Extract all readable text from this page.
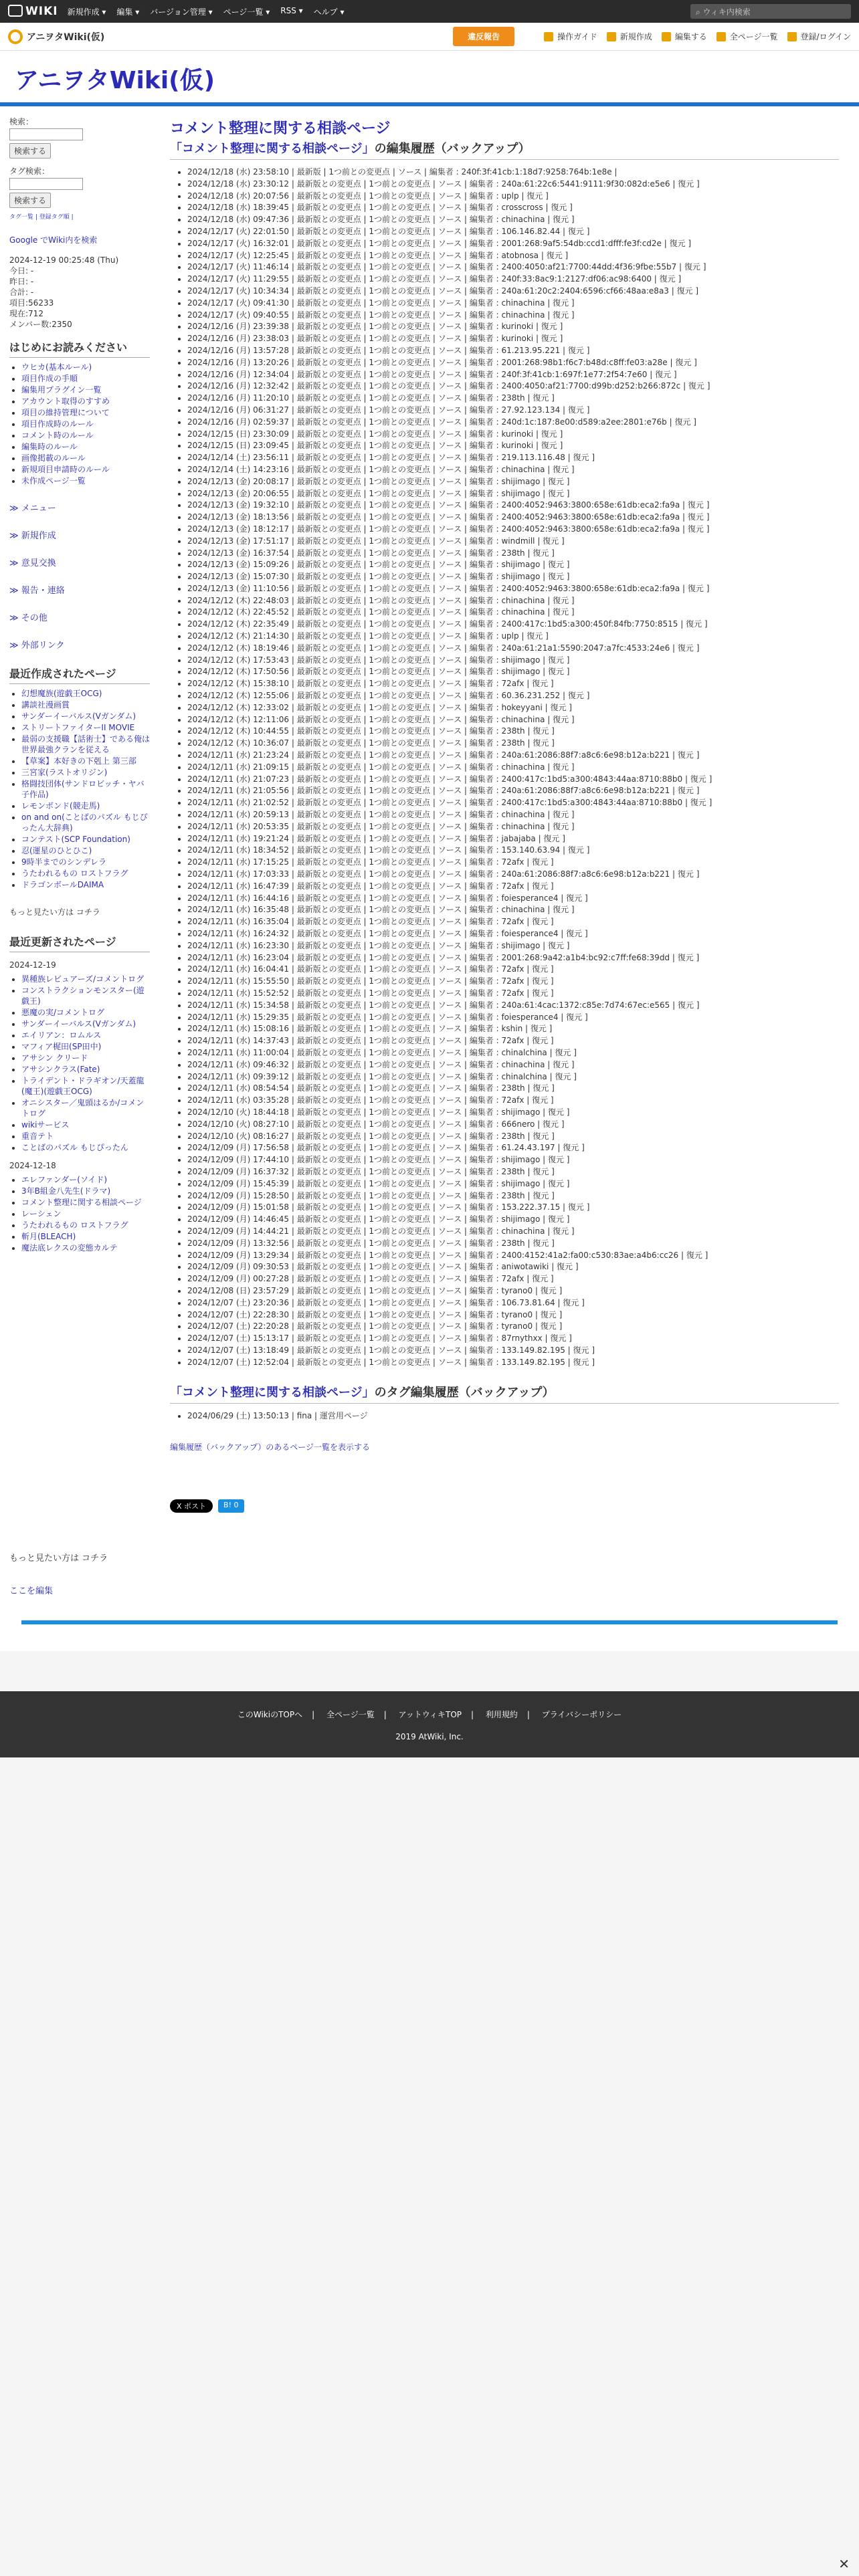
WIKI 新規作成 ▾ 編集 ▾ バージョン管理 ▾ ページ一覧 ▾ RSS ▾ ヘルプ ▾	⌕ ウィキ内検索
アニヲタWiki(仮)	違反報告	操作ガイド	新規作成	編集する	全ページ一覧	登録/ログイン
アニヲタWiki(仮)
検索：

検索する
タグ検索：

検索する
タグ一覧 | 登録タグ順 |

Google でWiki内を検索

2024-12-19 00:25:48 (Thu)
今日: -
昨日: -
合計: -
項目:56233
現在:712
メンバー数:2350
はじめにお読みください
• ウヒカ(基本ルール)
• 項目作成の手順
• 編集用プラグイン一覧
• アカウント取得のすすめ
• 項目の維持管理について
• 項目作成時のルール
• コメント時のルール
• 編集時のルール
• 画像掲載のルール
• 新規項目申請時のルール
• 未作成ページ一覧
≫ メニュー
≫ 新規作成
≫ 意見交換
≫ 報告・連絡
≫ その他
≫ 外部リンク
最近作成されたページ
• 幻想魔族(遊戯王OCG)
• 講談社漫画賞
• サンダーイーバルス(Vガンダム)
• ストリートファイターII MOVIE
• 最弱の支援職【話術士】である俺は世界最強クランを従える
• 【草案】本好きの下剋上 第三部
• 三宮家(ラストオリジン)
• 格闘技団体(サンドロビッチ・ヤバ子作品)
• レモンボンド(競走馬)
• on and on(ことばのパズル もじぴったん大辞典)
• コンテスト(SCP Foundation)
• 忍(運星のひとひこ)
• 9時半までのシンデレラ
• うたわれるもの ロストフラグ
• ドラゴンボールDAIMA

もっと見たい方は コチラ

最近更新されたページ
2024-12-19
• 異種族レビュアーズ/コメントログ
• コンストラクションモンスター(遊戯王)
• 悪魔の実/コメントログ
• サンダーイーバルス(Vガンダム)
• エイリアン：ロムルス
• マフィア梶田(SP田中)
• アサシン クリード
• アサシンクラス(Fate)
• トライデント・ドラギオン/天蓋龍(魔王)(遊戯王OCG)
• オニシスター／鬼頭はるか/コメントログ
• wikiサービス
• 重音テト
• ことばのパズル もじぴったん
2024-12-18
• エレファンダー(ソイド)
• 3年B組金八先生(ドラマ)
• コメント整理に関する相談ページ
• レーシェン
• うたわれるもの ロストフラグ
• 斬月(BLEACH)
• 魔法底レクスの変態カルテ
コメント整理に関する相談ページ
「コメント整理に関する相談ページ」の編集履歴（バックアップ）
• 2024/12/18 (水) 23:58:10 | 最新版 | 1つ前との変更点 | ソース | 編集者 : 240f:3f:41cb:1:18d7:9258:764b:1e8e |
• 2024/12/18 (水) 23:30:12 | 最新版との変更点 | 1つ前との変更点 | ソース | 編集者 : 240a:61:22c6:5441:9111:9f30:082d:e5e6 | 復元 ]
• 2024/12/18 (水) 20:07:56 | 最新版との変更点 | 1つ前との変更点 | ソース | 編集者 : uplp | 復元 ]
• 2024/12/18 (水) 18:39:45 | 最新版との変更点 | 1つ前との変更点 | ソース | 編集者 : crosscross | 復元 ]
• 2024/12/18 (水) 09:47:36 | 最新版との変更点 | 1つ前との変更点 | ソース | 編集者 : chinachina | 復元 ]
• 2024/12/17 (火) 22:01:50 | 最新版との変更点 | 1つ前との変更点 | ソース | 編集者 : 106.146.82.44 | 復元 ]
• 2024/12/17 (火) 16:32:01 | 最新版との変更点 | 1つ前との変更点 | ソース | 編集者 : 2001:268:9af5:54db:ccd1:dfff:fe3f:cd2e | 復元 ]
• 2024/12/17 (火) 12:25:45 | 最新版との変更点 | 1つ前との変更点 | ソース | 編集者 : atobnosa | 復元 ]
• 2024/12/17 (火) 11:46:14 | 最新版との変更点 | 1つ前との変更点 | ソース | 編集者 : 2400:4050:af21:7700:44dd:4f36:9fbe:55b7 | 復元 ]
• 2024/12/17 (火) 11:29:55 | 最新版との変更点 | 1つ前との変更点 | ソース | 編集者 : 240f:33:8ac9:1:2127:df06:ac98:6400 | 復元 ]
• 2024/12/17 (火) 10:34:34 | 最新版との変更点 | 1つ前との変更点 | ソース | 編集者 : 240a:61:20c2:2404:6596:cf66:48aa:e8a3 | 復元 ]
• 2024/12/17 (火) 09:41:30 | 最新版との変更点 | 1つ前との変更点 | ソース | 編集者 : chinachina | 復元 ]
• 2024/12/17 (火) 09:40:55 | 最新版との変更点 | 1つ前との変更点 | ソース | 編集者 : chinachina | 復元 ]
• 2024/12/16 (月) 23:39:38 | 最新版との変更点 | 1つ前との変更点 | ソース | 編集者 : kurinoki | 復元 ]
• 2024/12/16 (月) 23:38:03 | 最新版との変更点 | 1つ前との変更点 | ソース | 編集者 : kurinoki | 復元 ]
• 2024/12/16 (月) 13:57:28 | 最新版との変更点 | 1つ前との変更点 | ソース | 編集者 : 61.213.95.221 | 復元 ]
• 2024/12/16 (月) 13:20:26 | 最新版との変更点 | 1つ前との変更点 | ソース | 編集者 : 2001:268:98b1:f6c7:b48d:c8ff:fe03:a28e | 復元 ]
• 2024/12/16 (月) 12:34:04 | 最新版との変更点 | 1つ前との変更点 | ソース | 編集者 : 240f:3f:41cb:1:697f:1e77:2f54:7e60 | 復元 ]
• 2024/12/16 (月) 12:32:42 | 最新版との変更点 | 1つ前との変更点 | ソース | 編集者 : 2400:4050:af21:7700:d99b:d252:b266:872c | 復元 ]
• 2024/12/16 (月) 11:20:10 | 最新版との変更点 | 1つ前との変更点 | ソース | 編集者 : 238th | 復元 ]
• 2024/12/16 (月) 06:31:27 | 最新版との変更点 | 1つ前との変更点 | ソース | 編集者 : 27.92.123.134 | 復元 ]
• 2024/12/16 (月) 02:59:37 | 最新版との変更点 | 1つ前との変更点 | ソース | 編集者 : 240d:1c:187:8e00:d589:a2ee:2801:e76b | 復元 ]
• 2024/12/15 (日) 23:30:09 | 最新版との変更点 | 1つ前との変更点 | ソース | 編集者 : kurinoki | 復元 ]
• 2024/12/15 (日) 23:09:45 | 最新版との変更点 | 1つ前との変更点 | ソース | 編集者 : kurinoki | 復元 ]
• 2024/12/14 (土) 23:56:11 | 最新版との変更点 | 1つ前との変更点 | ソース | 編集者 : 219.113.116.48 | 復元 ]
• 2024/12/14 (土) 14:23:16 | 最新版との変更点 | 1つ前との変更点 | ソース | 編集者 : chinachina | 復元 ]
• 2024/12/13 (金) 20:08:17 | 最新版との変更点 | 1つ前との変更点 | ソース | 編集者 : shijimago | 復元 ]
• 2024/12/13 (金) 20:06:55 | 最新版との変更点 | 1つ前との変更点 | ソース | 編集者 : shijimago | 復元 ]
• 2024/12/13 (金) 19:32:10 | 最新版との変更点 | 1つ前との変更点 | ソース | 編集者 : 2400:4052:9463:3800:658e:61db:eca2:fa9a | 復元 ]
• 2024/12/13 (金) 18:13:56 | 最新版との変更点 | 1つ前との変更点 | ソース | 編集者 : 2400:4052:9463:3800:658e:61db:eca2:fa9a | 復元 ]
• 2024/12/13 (金) 18:12:17 | 最新版との変更点 | 1つ前との変更点 | ソース | 編集者 : 2400:4052:9463:3800:658e:61db:eca2:fa9a | 復元 ]
• 2024/12/13 (金) 17:51:17 | 最新版との変更点 | 1つ前との変更点 | ソース | 編集者 : windmill | 復元 ]
• 2024/12/13 (金) 16:37:54 | 最新版との変更点 | 1つ前との変更点 | ソース | 編集者 : 238th | 復元 ]
• 2024/12/13 (金) 15:09:26 | 最新版との変更点 | 1つ前との変更点 | ソース | 編集者 : shijimago | 復元 ]
• 2024/12/13 (金) 15:07:30 | 最新版との変更点 | 1つ前との変更点 | ソース | 編集者 : shijimago | 復元 ]
• 2024/12/13 (金) 11:10:56 | 最新版との変更点 | 1つ前との変更点 | ソース | 編集者 : 2400:4052:9463:3800:658e:61db:eca2:fa9a | 復元 ]
• 2024/12/12 (木) 22:48:03 | 最新版との変更点 | 1つ前との変更点 | ソース | 編集者 : chinachina | 復元 ]
• 2024/12/12 (木) 22:45:52 | 最新版との変更点 | 1つ前との変更点 | ソース | 編集者 : chinachina | 復元 ]
• 2024/12/12 (木) 22:35:49 | 最新版との変更点 | 1つ前との変更点 | ソース | 編集者 : 2400:417c:1bd5:a300:450f:84fb:7750:8515 | 復元 ]
• 2024/12/12 (木) 21:14:30 | 最新版との変更点 | 1つ前との変更点 | ソース | 編集者 : uplp | 復元 ]
• 2024/12/12 (木) 18:19:46 | 最新版との変更点 | 1つ前との変更点 | ソース | 編集者 : 240a:61:21a1:5590:2047:a7fc:4533:24e6 | 復元 ]
• 2024/12/12 (木) 17:53:43 | 最新版との変更点 | 1つ前との変更点 | ソース | 編集者 : shijimago | 復元 ]
• 2024/12/12 (木) 17:50:56 | 最新版との変更点 | 1つ前との変更点 | ソース | 編集者 : shijimago | 復元 ]
• 2024/12/12 (木) 15:38:10 | 最新版との変更点 | 1つ前との変更点 | ソース | 編集者 : 72afx | 復元 ]
• 2024/12/12 (木) 12:55:06 | 最新版との変更点 | 1つ前との変更点 | ソース | 編集者 : 60.36.231.252 | 復元 ]
• 2024/12/12 (木) 12:33:02 | 最新版との変更点 | 1つ前との変更点 | ソース | 編集者 : hokeyyani | 復元 ]
• 2024/12/12 (木) 12:11:06 | 最新版との変更点 | 1つ前との変更点 | ソース | 編集者 : chinachina | 復元 ]
• 2024/12/12 (木) 10:44:55 | 最新版との変更点 | 1つ前との変更点 | ソース | 編集者 : 238th | 復元 ]
• 2024/12/12 (木) 10:36:07 | 最新版との変更点 | 1つ前との変更点 | ソース | 編集者 : 238th | 復元 ]
• 2024/12/11 (水) 21:23:24 | 最新版との変更点 | 1つ前との変更点 | ソース | 編集者 : 240a:61:2086:88f7:a8c6:6e98:b12a:b221 | 復元 ]
• 2024/12/11 (水) 21:09:15 | 最新版との変更点 | 1つ前との変更点 | ソース | 編集者 : chinachina | 復元 ]
• 2024/12/11 (水) 21:07:23 | 最新版との変更点 | 1つ前との変更点 | ソース | 編集者 : 2400:417c:1bd5:a300:4843:44aa:8710:88b0 | 復元 ]
• 2024/12/11 (水) 21:05:56 | 最新版との変更点 | 1つ前との変更点 | ソース | 編集者 : 240a:61:2086:88f7:a8c6:6e98:b12a:b221 | 復元 ]
• 2024/12/11 (水) 21:02:52 | 最新版との変更点 | 1つ前との変更点 | ソース | 編集者 : 2400:417c:1bd5:a300:4843:44aa:8710:88b0 | 復元 ]
• 2024/12/11 (水) 20:59:13 | 最新版との変更点 | 1つ前との変更点 | ソース | 編集者 : chinachina | 復元 ]
• 2024/12/11 (水) 20:53:35 | 最新版との変更点 | 1つ前との変更点 | ソース | 編集者 : chinachina | 復元 ]
• 2024/12/11 (水) 19:21:24 | 最新版との変更点 | 1つ前との変更点 | ソース | 編集者 : jabajaba | 復元 ]
• 2024/12/11 (水) 18:34:52 | 最新版との変更点 | 1つ前との変更点 | ソース | 編集者 : 153.140.63.94 | 復元 ]
• 2024/12/11 (水) 17:15:25 | 最新版との変更点 | 1つ前との変更点 | ソース | 編集者 : 72afx | 復元 ]
• 2024/12/11 (水) 17:03:33 | 最新版との変更点 | 1つ前との変更点 | ソース | 編集者 : 240a:61:2086:88f7:a8c6:6e98:b12a:b221 | 復元 ]
• 2024/12/11 (水) 16:47:39 | 最新版との変更点 | 1つ前との変更点 | ソース | 編集者 : 72afx | 復元 ]
• 2024/12/11 (水) 16:44:16 | 最新版との変更点 | 1つ前との変更点 | ソース | 編集者 : foiesperance4 | 復元 ]
• 2024/12/11 (水) 16:35:48 | 最新版との変更点 | 1つ前との変更点 | ソース | 編集者 : chinachina | 復元 ]
• 2024/12/11 (水) 16:35:04 | 最新版との変更点 | 1つ前との変更点 | ソース | 編集者 : 72afx | 復元 ]
• 2024/12/11 (水) 16:24:32 | 最新版との変更点 | 1つ前との変更点 | ソース | 編集者 : foiesperance4 | 復元 ]
• 2024/12/11 (水) 16:23:30 | 最新版との変更点 | 1つ前との変更点 | ソース | 編集者 : shijimago | 復元 ]
• 2024/12/11 (水) 16:23:04 | 最新版との変更点 | 1つ前との変更点 | ソース | 編集者 : 2001:268:9a42:a1b4:bc92:c7ff:fe68:39dd | 復元 ]
• 2024/12/11 (水) 16:04:41 | 最新版との変更点 | 1つ前との変更点 | ソース | 編集者 : 72afx | 復元 ]
• 2024/12/11 (水) 15:55:50 | 最新版との変更点 | 1つ前との変更点 | ソース | 編集者 : 72afx | 復元 ]
• 2024/12/11 (水) 15:52:52 | 最新版との変更点 | 1つ前との変更点 | ソース | 編集者 : 72afx | 復元 ]
• 2024/12/11 (水) 15:34:58 | 最新版との変更点 | 1つ前との変更点 | ソース | 編集者 : 240a:61:4cac:1372:c85e:7d74:67ec:e565 | 復元 ]
• 2024/12/11 (水) 15:29:35 | 最新版との変更点 | 1つ前との変更点 | ソース | 編集者 : foiesperance4 | 復元 ]
• 2024/12/11 (水) 15:08:16 | 最新版との変更点 | 1つ前との変更点 | ソース | 編集者 : kshin | 復元 ]
• 2024/12/11 (水) 14:37:43 | 最新版との変更点 | 1つ前との変更点 | ソース | 編集者 : 72afx | 復元 ]
• 2024/12/11 (水) 11:00:04 | 最新版との変更点 | 1つ前との変更点 | ソース | 編集者 : chinalchina | 復元 ]
• 2024/12/11 (水) 09:46:32 | 最新版との変更点 | 1つ前との変更点 | ソース | 編集者 : chinachina | 復元 ]
• 2024/12/11 (水) 09:39:12 | 最新版との変更点 | 1つ前との変更点 | ソース | 編集者 : chinalchina | 復元 ]
• 2024/12/11 (水) 08:54:54 | 最新版との変更点 | 1つ前との変更点 | ソース | 編集者 : 238th | 復元 ]
• 2024/12/11 (水) 03:35:28 | 最新版との変更点 | 1つ前との変更点 | ソース | 編集者 : 72afx | 復元 ]
• 2024/12/10 (火) 18:44:18 | 最新版との変更点 | 1つ前との変更点 | ソース | 編集者 : shijimago | 復元 ]
• 2024/12/10 (火) 08:27:10 | 最新版との変更点 | 1つ前との変更点 | ソース | 編集者 : 666nero | 復元 ]
• 2024/12/10 (火) 08:16:27 | 最新版との変更点 | 1つ前との変更点 | ソース | 編集者 : 238th | 復元 ]
• 2024/12/09 (月) 17:56:58 | 最新版との変更点 | 1つ前との変更点 | ソース | 編集者 : 61.24.43.197 | 復元 ]
• 2024/12/09 (月) 17:44:10 | 最新版との変更点 | 1つ前との変更点 | ソース | 編集者 : shijimago | 復元 ]
• 2024/12/09 (月) 16:37:32 | 最新版との変更点 | 1つ前との変更点 | ソース | 編集者 : 238th | 復元 ]
• 2024/12/09 (月) 15:45:39 | 最新版との変更点 | 1つ前との変更点 | ソース | 編集者 : shijimago | 復元 ]
• 2024/12/09 (月) 15:28:50 | 最新版との変更点 | 1つ前との変更点 | ソース | 編集者 : 238th | 復元 ]
• 2024/12/09 (月) 15:01:58 | 最新版との変更点 | 1つ前との変更点 | ソース | 編集者 : 153.222.37.15 | 復元 ]
• 2024/12/09 (月) 14:46:45 | 最新版との変更点 | 1つ前との変更点 | ソース | 編集者 : shijimago | 復元 ]
• 2024/12/09 (月) 14:44:21 | 最新版との変更点 | 1つ前との変更点 | ソース | 編集者 : chinachina | 復元 ]
• 2024/12/09 (月) 13:32:56 | 最新版との変更点 | 1つ前との変更点 | ソース | 編集者 : 238th | 復元 ]
• 2024/12/09 (月) 13:29:34 | 最新版との変更点 | 1つ前との変更点 | ソース | 編集者 : 2400:4152:41a2:fa00:c530:83ae:a4b6:cc26 | 復元 ]
• 2024/12/09 (月) 09:30:53 | 最新版との変更点 | 1つ前との変更点 | ソース | 編集者 : aniwotawiki | 復元 ]
• 2024/12/09 (月) 00:27:28 | 最新版との変更点 | 1つ前との変更点 | ソース | 編集者 : 72afx | 復元 ]
• 2024/12/08 (日) 23:57:29 | 最新版との変更点 | 1つ前との変更点 | ソース | 編集者 : tyrano0 | 復元 ]
• 2024/12/07 (土) 23:20:36 | 最新版との変更点 | 1つ前との変更点 | ソース | 編集者 : 106.73.81.64 | 復元 ]
• 2024/12/07 (土) 22:28:30 | 最新版との変更点 | 1つ前との変更点 | ソース | 編集者 : tyrano0 | 復元 ]
• 2024/12/07 (土) 22:20:28 | 最新版との変更点 | 1つ前との変更点 | ソース | 編集者 : tyrano0 | 復元 ]
• 2024/12/07 (土) 15:13:17 | 最新版との変更点 | 1つ前との変更点 | ソース | 編集者 : 87rnythxx | 復元 ]
• 2024/12/07 (土) 13:18:49 | 最新版との変更点 | 1つ前との変更点 | ソース | 編集者 : 133.149.82.195 | 復元 ]
• 2024/12/07 (土) 12:52:04 | 最新版との変更点 | 1つ前との変更点 | ソース | 編集者 : 133.149.82.195 | 復元 ]
「コメント整理に関する相談ページ」のタグ編集履歴（バックアップ）
• 2024/06/29 (土) 13:50:13 | fina | 運営用ページ

編集履歴（バックアップ）のあるページ一覧を表示する

X ポスト	B! 0

もっと見たい方は コチラ

ここを編集

このWikiのTOPへ | 全ページ一覧 | アットウィキTOP | 利用規約 | プライバシーポリシー
2019 AtWiki, Inc.
✕
